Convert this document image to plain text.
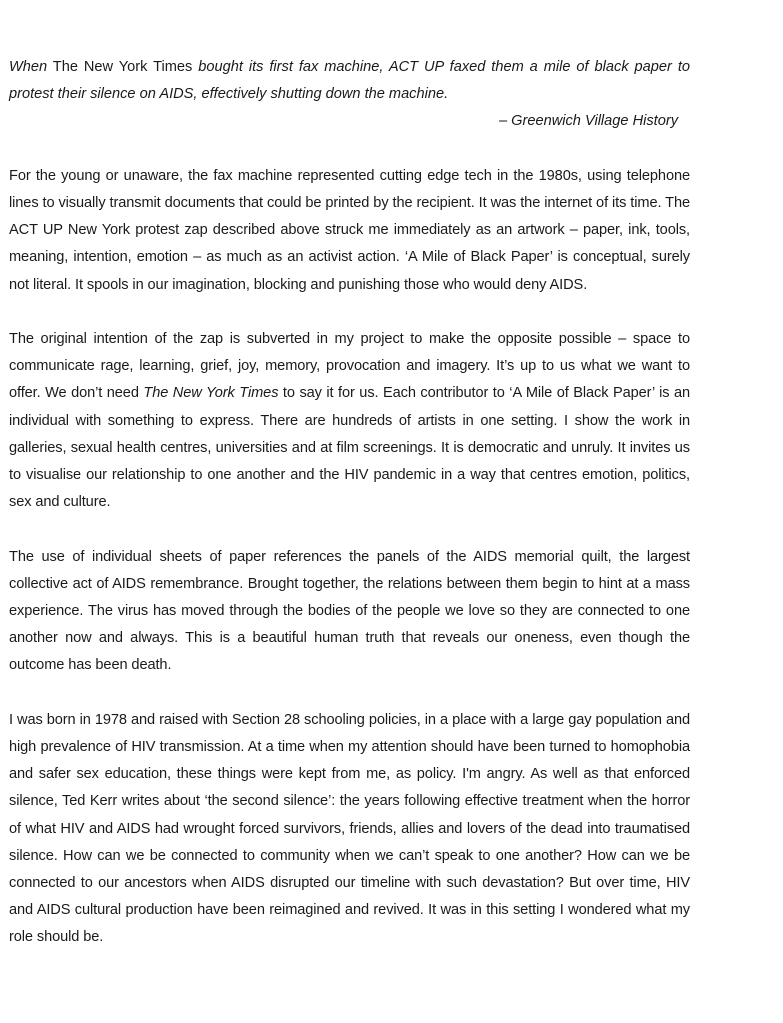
When The New York Times bought its first fax machine, ACT UP faxed them a mile of black paper to protest their silence on AIDS, effectively shutting down the machine.

– Greenwich Village History

For the young or unaware, the fax machine represented cutting edge tech in the 1980s, using telephone lines to visually transmit documents that could be printed by the recipient. It was the internet of its time. The ACT UP New York protest zap described above struck me immediately as an artwork – paper, ink, tools, meaning, intention, emotion – as much as an activist action. ‘A Mile of Black Paper’ is conceptual, surely not literal. It spools in our imagination, blocking and punishing those who would deny AIDS.

The original intention of the zap is subverted in my project to make the opposite possible – space to communicate rage, learning, grief, joy, memory, provocation and imagery. It’s up to us what we want to offer. We don’t need The New York Times to say it for us. Each contributor to ‘A Mile of Black Paper’ is an individual with something to express. There are hundreds of artists in one setting. I show the work in galleries, sexual health centres, universities and at film screenings. It is democratic and unruly. It invites us to visualise our relationship to one another and the HIV pandemic in a way that centres emotion, politics, sex and culture.

The use of individual sheets of paper references the panels of the AIDS memorial quilt, the largest collective act of AIDS remembrance. Brought together, the relations between them begin to hint at a mass experience. The virus has moved through the bodies of the people we love so they are connected to one another now and always. This is a beautiful human truth that reveals our oneness, even though the outcome has been death.

I was born in 1978 and raised with Section 28 schooling policies, in a place with a large gay population and high prevalence of HIV transmission. At a time when my attention should have been turned to homophobia and safer sex education, these things were kept from me, as policy. I'm angry. As well as that enforced silence, Ted Kerr writes about ‘the second silence’: the years following effective treatment when the horror of what HIV and AIDS had wrought forced survivors, friends, allies and lovers of the dead into traumatised silence. How can we be connected to community when we can’t speak to one another? How can we be connected to our ancestors when AIDS disrupted our timeline with such devastation? But over time, HIV and AIDS cultural production have been reimagined and revived. It was in this setting I wondered what my role should be.
